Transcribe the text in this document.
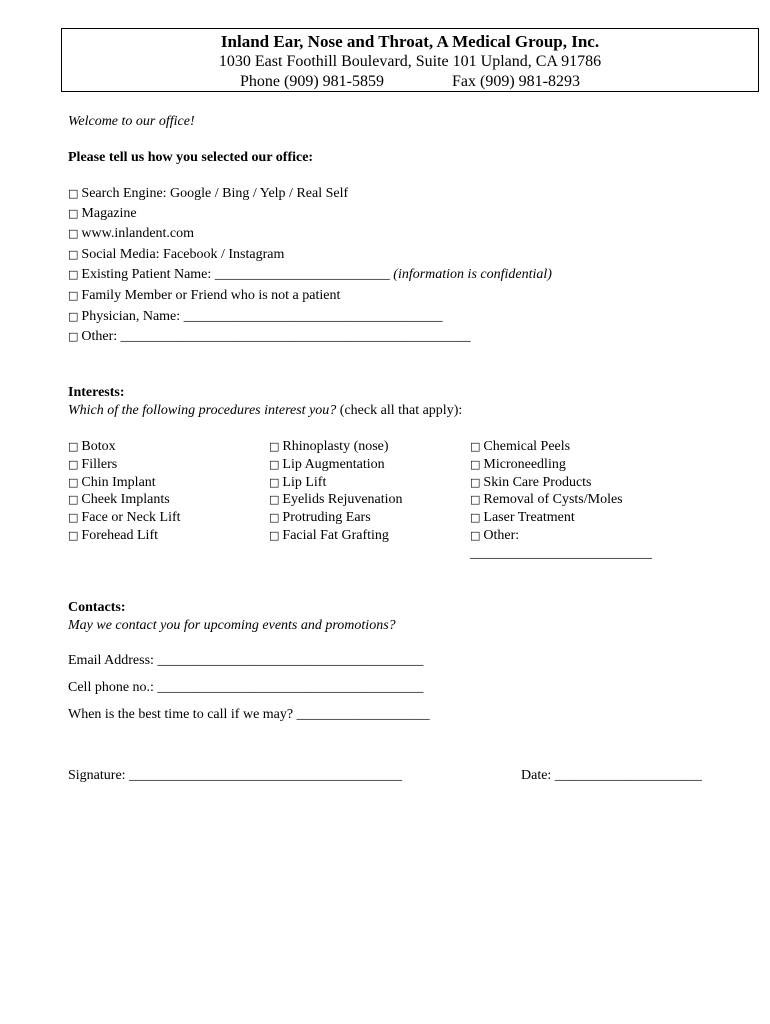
Inland Ear, Nose and Throat, A Medical Group, Inc.
1030 East Foothill Boulevard, Suite 101 Upland, CA 91786
Phone (909) 981-5859	Fax (909) 981-8293
Welcome to our office!
Please tell us how you selected our office:
□ Search Engine: Google / Bing / Yelp / Real Self
□ Magazine
□ www.inlandent.com
□ Social Media: Facebook / Instagram
□ Existing Patient Name: _________________________ (information is confidential)
□ Family Member or Friend who is not a patient
□ Physician, Name: _____________________________________
□ Other: __________________________________________________
Interests:
Which of the following procedures interest you? (check all that apply):
□ Botox
□ Fillers
□ Chin Implant
□ Cheek Implants
□ Face or Neck Lift
□ Forehead Lift
□ Rhinoplasty (nose)
□ Lip Augmentation
□ Lip Lift
□ Eyelids Rejuvenation
□ Protruding Ears
□ Facial Fat Grafting
□ Chemical Peels
□ Microneedling
□ Skin Care Products
□ Removal of Cysts/Moles
□ Laser Treatment
□ Other:
__________________________
Contacts:
May we contact you for upcoming events and promotions?
Email Address: ______________________________________
Cell phone no.: ______________________________________
When is the best time to call if we may? ___________________
Signature: _______________________________________	Date: _____________________
